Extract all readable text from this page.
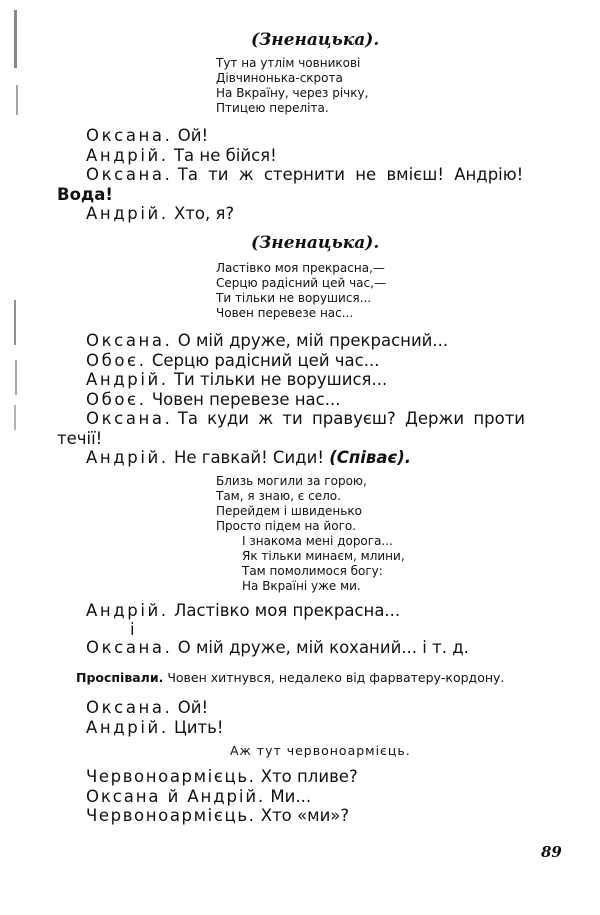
(Зненацька).
Тут на утлім човникові
Дівчинонька-скрота
На Вкраїну, через річку,
Птицею переліта.
Оксана. Ой!
Андрій. Та не бійся!
Оксана. Та ти ж стернити не вмієш! Андрію!
Вода!
Андрій. Хто, я?
(Зненацька).
Ластівко моя прекрасна,—
Серцю радісний цей час,—
Ти тільки не ворушися...
Човен перевезе нас...
Оксана. О мій друже, мій прекрасний...
Обоє. Серцю радісний цей час...
Андрій. Ти тільки не ворушися...
Обоє. Човен перевезе нас...
Оксана. Та куди ж ти правуєш? Держи проти
течії!
Андрій. Не гавкай! Сиди! (Співає).
Близь могили за горою,
Там, я знаю, є село.
Перейдем і швиденько
Просто підем на його.
І знакома мені дорога...
Як тільки минаєм, млини,
Там помолимося богу:
На Вкраїні уже ми.
Андрій. Ластівко моя прекрасна...
і
Оксана. О мій друже, мій коханий... і т. д.
Проспівали. Човен хитнувся, недалеко від фарватеру-кордону.
Оксана. Ой!
Андрій. Цить!
Аж тут червоноармієць.
Червоноармієць. Хто пливе?
Оксана й Андрій. Ми...
Червоноармієць. Хто «ми»?
89
